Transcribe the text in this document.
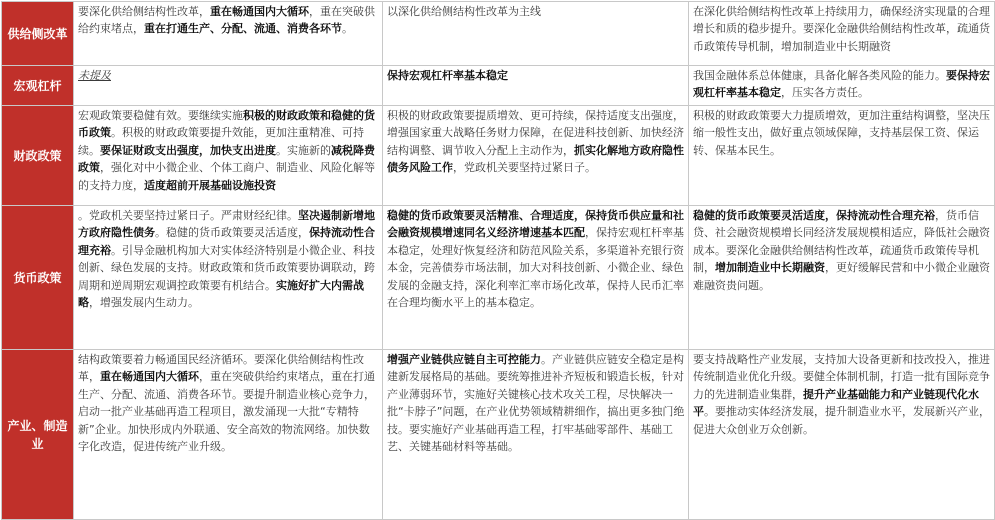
供给侧改革	要深化供给侧结构性改革，重在畅通国内大循环，重在突破供给约束堵点，重在打通生产、分配、流通、消费各环节。	以深化供给侧结构性改革为主线	在深化供给侧结构性改革上持续用力，确保经济实现量的合理增长和质的稳步提升。要深化金融供给侧结构性改革，疏通货币政策传导机制，增加制造业中长期融资
宏观杠杆	未提及	保持宏观杠杆率基本稳定	我国金融体系总体健康，具备化解各类风险的能力。要保持宏观杠杆率基本稳定，压实各方责任。
财政政策	宏观政策要稳健有效。要继续实施积极的财政政策和稳健的货币政策。积极的财政政策要提升效能，更加注重精准、可持续。要保证财政支出强度，加快支出进度。实施新的减税降费政策，强化对中小微企业、个体工商户、制造业、风险化解等的支持力度，适度超前开展基础设施投资	积极的财政政策要提质增效、更可持续，保持适度支出强度，增强国家重大战略任务财力保障，在促进科技创新、加快经济结构调整、调节收入分配上主动作为，抓实化解地方政府隐性债务风险工作，党政机关要坚持过紧日子。	积极的财政政策要大力提质增效，更加注重结构调整，坚决压缩一般性支出，做好重点领域保障，支持基层保工资、保运转、保基本民生。
货币政策	。党政机关要坚持过紧日子。严肃财经纪律。坚决遏制新增地方政府隐性债务。稳健的货币政策要灵活适度，保持流动性合理充裕。引导金融机构加大对实体经济特别是小微企业、科技创新、绿色发展的支持。财政政策和货币政策要协调联动，跨周期和逆周期宏观调控政策要有机结合。实施好扩大内需战略，增强发展内生动力。	稳健的货币政策要灵活精准、合理适度，保持货币供应量和社会融资规模增速同名义经济增速基本匹配，保持宏观杠杆率基本稳定，处理好恢复经济和防范风险关系，多渠道补充银行资本金，完善债券市场法制，加大对科技创新、小微企业、绿色发展的金融支持，深化利率汇率市场化改革，保持人民币汇率在合理均衡水平上的基本稳定。	稳健的货币政策要灵活适度，保持流动性合理充裕，货币信贷、社会融资规模增长同经济发展规模相适应，降低社会融资成本。要深化金融供给侧结构性改革，疏通货币政策传导机制，增加制造业中长期融资，更好缓解民营和中小微企业融资难融资贵问题。
产业、制造业	结构政策要着力畅通国民经济循环。要深化供给侧结构性改革，重在畅通国内大循环，重在突破供给约束堵点，重在打通生产、分配、流通、消费各环节。要提升制造业核心竞争力，启动一批产业基础再造工程项目，激发涌现一大批“专精特新”企业。加快形成内外联通、安全高效的物流网络。加快数字化改造，促进传统产业升级。	增强产业链供应链自主可控能力。产业链供应链安全稳定是构建新发展格局的基础。要统筹推进补齐短板和锻造长板，针对产业薄弱环节，实施好关键核心技术攻关工程，尽快解决一批“卡脖子”问题，在产业优势领域精耕细作，搞出更多独门绝技。要实施好产业基础再造工程，打牢基础零部件、基础工艺、关键基础材料等基础。	要支持战略性产业发展，支持加大设备更新和技改投入，推进传统制造业优化升级。要健全体制机制，打造一批有国际竞争力的先进制造业集群，提升产业基础能力和产业链现代化水平。要推动实体经济发展，提升制造业水平，发展新兴产业，促进大众创业万众创新。
